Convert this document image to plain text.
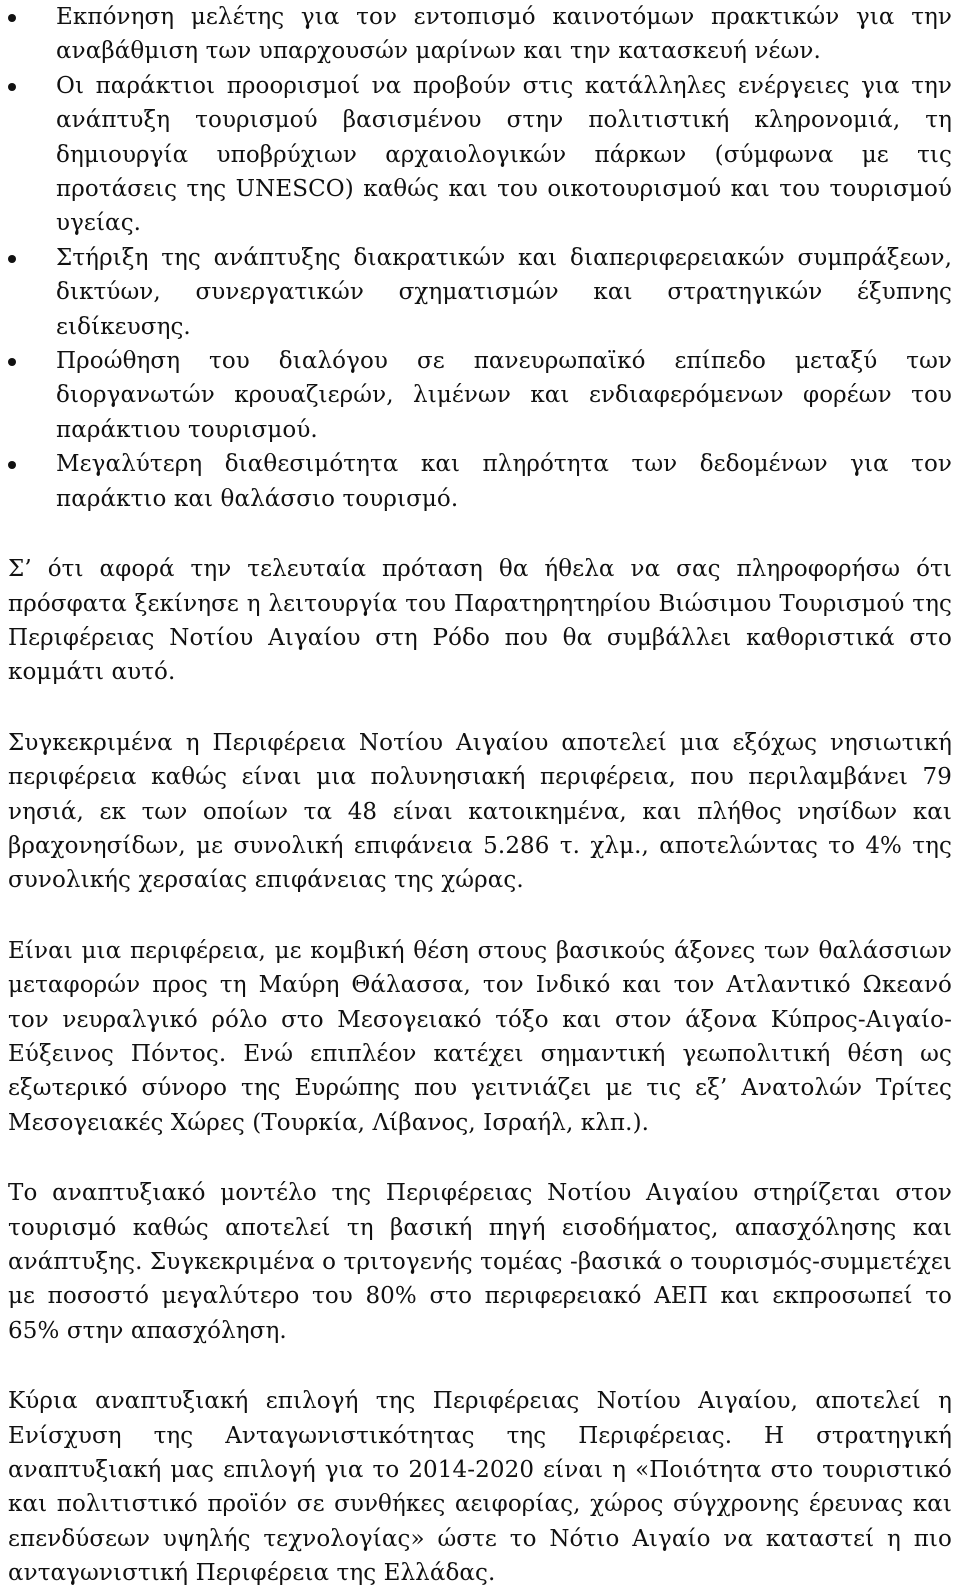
Εκπόνηση μελέτης για τον εντοπισμό καινοτόμων πρακτικών για την αναβάθμιση των υπαρχουσών μαρίνων και την κατασκευή νέων.
Οι παράκτιοι προορισμοί να προβούν στις κατάλληλες ενέργειες για την ανάπτυξη τουρισμού βασισμένου στην πολιτιστική κληρονομιά, τη δημιουργία υποβρύχιων αρχαιολογικών πάρκων (σύμφωνα με τις προτάσεις της UNESCO) καθώς και του οικοτουρισμού και του τουρισμού υγείας.
Στήριξη της ανάπτυξης διακρατικών και διαπεριφερειακών συμπράξεων, δικτύων, συνεργατικών σχηματισμών και στρατηγικών έξυπνης ειδίκευσης.
Προώθηση του διαλόγου σε πανευρωπαϊκό επίπεδο μεταξύ των διοργανωτών κρουαζιερών, λιμένων και ενδιαφερόμενων φορέων του παράκτιου τουρισμού.
Μεγαλύτερη διαθεσιμότητα και πληρότητα των δεδομένων για τον παράκτιο και θαλάσσιο τουρισμό.

Σ’ ότι αφορά την τελευταία πρόταση θα ήθελα να σας πληροφορήσω ότι πρόσφατα ξεκίνησε η λειτουργία του Παρατηρητηρίου Βιώσιμου Τουρισμού της Περιφέρειας Νοτίου Αιγαίου στη Ρόδο που θα συμβάλλει καθοριστικά στο κομμάτι αυτό.

Συγκεκριμένα η Περιφέρεια Νοτίου Αιγαίου αποτελεί μια εξόχως νησιωτική περιφέρεια καθώς είναι μια πολυνησιακή περιφέρεια, που περιλαμβάνει 79 νησιά, εκ των οποίων τα 48 είναι κατοικημένα, και πλήθος νησίδων και βραχονησίδων, με συνολική επιφάνεια 5.286 τ. χλμ., αποτελώντας το 4% της συνολικής χερσαίας επιφάνειας της χώρας.

Είναι μια περιφέρεια, με κομβική θέση στους βασικούς άξονες των θαλάσσιων μεταφορών προς τη Μαύρη Θάλασσα, τον Ινδικό και τον Ατλαντικό Ωκεανό τον νευραλγικό ρόλο στο Μεσογειακό τόξο και στον άξονα Κύπρος-Αιγαίο-Εύξεινος Πόντος. Ενώ επιπλέον κατέχει σημαντική γεωπολιτική θέση ως εξωτερικό σύνορο της Ευρώπης που γειτνιάζει με τις εξ’ Ανατολών Τρίτες Μεσογειακές Χώρες (Τουρκία, Λίβανος, Ισραήλ, κλπ.).

Το αναπτυξιακό μοντέλο της Περιφέρειας Νοτίου Αιγαίου στηρίζεται στον τουρισμό καθώς αποτελεί τη βασική πηγή εισοδήματος, απασχόλησης και ανάπτυξης. Συγκεκριμένα ο τριτογενής τομέας -βασικά ο τουρισμός-συμμετέχει με ποσοστό μεγαλύτερο του 80% στο περιφερειακό ΑΕΠ και εκπροσωπεί το 65% στην απασχόληση.

Κύρια αναπτυξιακή επιλογή της Περιφέρειας Νοτίου Αιγαίου, αποτελεί η Ενίσχυση της Ανταγωνιστικότητας της Περιφέρειας. Η στρατηγική αναπτυξιακή μας επιλογή για το 2014-2020 είναι η «Ποιότητα στο τουριστικό και πολιτιστικό προϊόν σε συνθήκες αειφορίας, χώρος σύγχρονης έρευνας και επενδύσεων υψηλής τεχνολογίας» ώστε το Νότιο Αιγαίο να καταστεί η πιο ανταγωνιστική Περιφέρεια της Ελλάδας.
